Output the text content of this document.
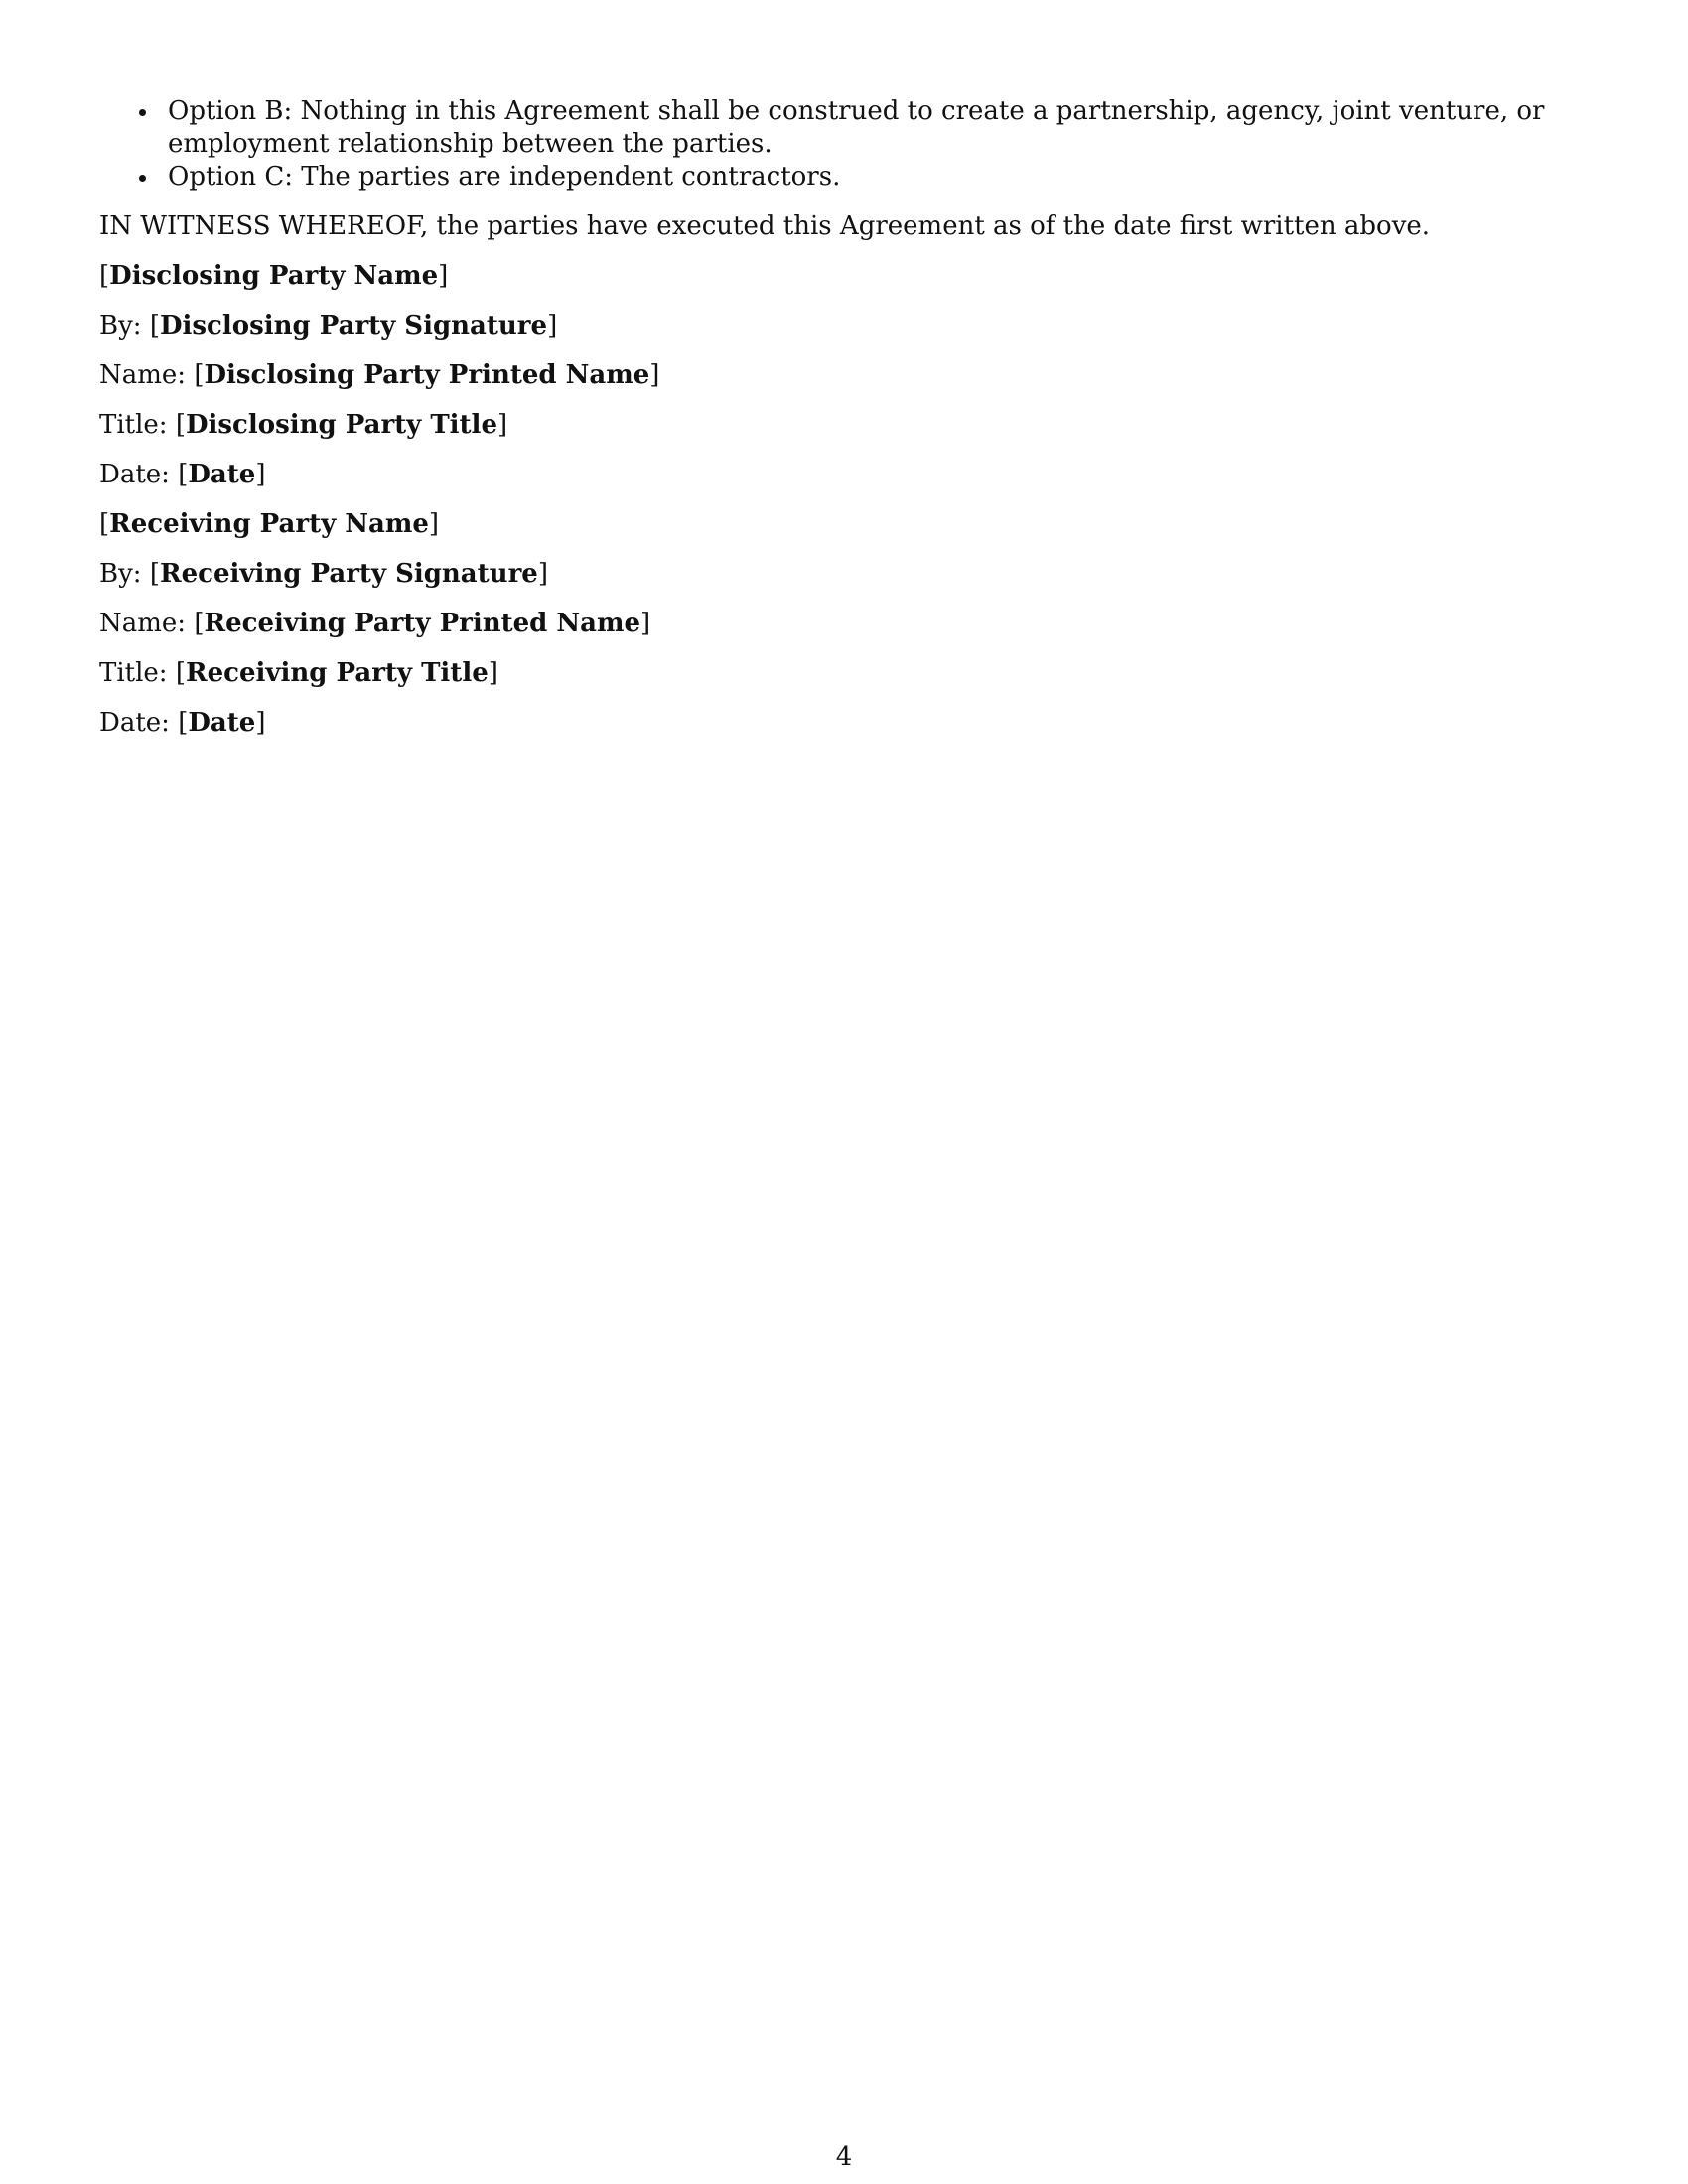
Option B: Nothing in this Agreement shall be construed to create a partnership, agency, joint venture, or employment relationship between the parties.
Option C: The parties are independent contractors.

IN WITNESS WHEREOF, the parties have executed this Agreement as of the date first written above.

[Disclosing Party Name]

By: [Disclosing Party Signature]

Name: [Disclosing Party Printed Name]

Title: [Disclosing Party Title]

Date: [Date]

[Receiving Party Name]

By: [Receiving Party Signature]

Name: [Receiving Party Printed Name]

Title: [Receiving Party Title]

Date: [Date]

4
